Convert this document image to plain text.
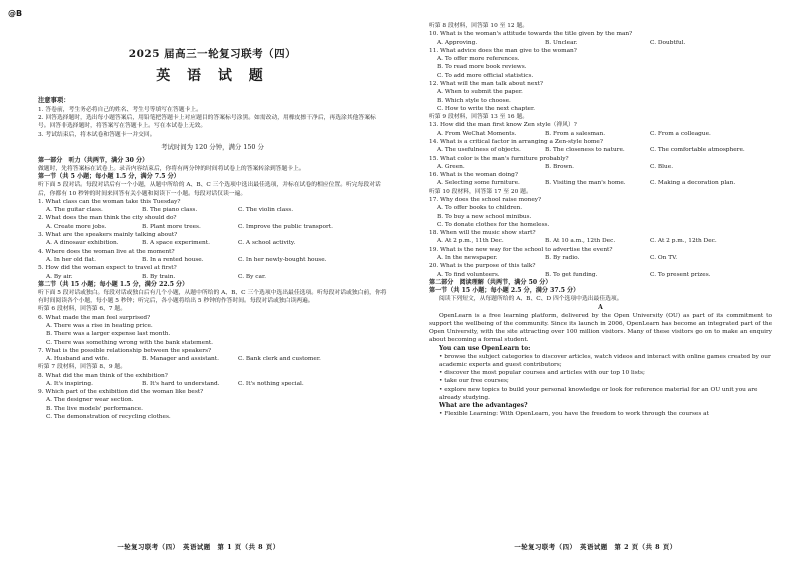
@B
2025 届高三一轮复习联考（四）
英 语 试 题
注意事项：

1. 答卷前，考生务必将自己的姓名、考生号等填写在答题卡上。

2. 回答选择题时，选出每小题答案后，用铅笔把答题卡上对应题目的答案标号涂黑。如需改动，用橡皮擦干净后，再选涂其他答案标号。回答非选择题时，将答案写在答题卡上。写在本试卷上无效。

3. 考试结束后，将本试卷和答题卡一并交回。

考试时间为 120 分钟，满分 150 分

第一部分　听力（共两节，满分 30 分）

做题时，先将答案标在试卷上。录音内容结束后，你将有两分钟的时间将试卷上的答案转涂到答题卡上。

第一节（共 5 小题；每小题 1.5 分，满分 7.5 分）

听下面 5 段对话。每段对话后有一个小题，从题中所给的 A、B、C 三个选项中选出最佳选项，并标在试卷的相应位置。听完每段对话后，你都有 10 秒钟的时间来回答有关小题和阅读下一小题。每段对话仅读一遍。

1. What class can the woman take this Tuesday?

A. The guitar class.	B. The piano class.	C. The violin class.

2. What does the man think the city should do?

A. Create more jobs.	B. Plant more trees.	C. Improve the public transport.

3. What are the speakers mainly talking about?

A. A dinosaur exhibition.	B. A space experiment.	C. A school activity.

4. Where does the woman live at the moment?

A. In her old flat.	B. In a rented house.	C. In her newly-bought house.

5. How did the woman expect to travel at first?

A. By air.	B. By train.	C. By car.

第二节（共 15 小题；每小题 1.5 分，满分 22.5 分）

听下面 5 段对话或独白。每段对话或独白后有几个小题，从题中所给的 A、B、C 三个选项中选出最佳选项。听每段对话或独白前，你将有时间阅读各个小题，每小题 5 秒钟；听完后，各小题将给出 5 秒钟的作答时间。每段对话或独白读两遍。

听第 6 段材料，回答第 6、7 题。

6. What made the man feel surprised?

A. There was a rise in heating price.

B. There was a larger expense last month.

C. There was something wrong with the bank statement.

7. What is the possible relationship between the speakers?

A. Husband and wife.	B. Manager and assistant.	C. Bank clerk and customer.

听第 7 段材料，回答第 8、9 题。

8. What did the man think of the exhibition?

A. It's inspiring.	B. It's hard to understand.	C. It's nothing special.

9. Which part of the exhibition did the woman like best?

A. The designer wear section.

B. The live models' performance.

C. The demonstration of recycling clothes.

一轮复习联考（四）　英语试题　第 1 页（共 8 页）

听第 8 段材料，回答第 10 至 12 题。

10. What is the woman's attitude towards the title given by the man?

A. Approving.	B. Unclear.	C. Doubtful.

11. What advice does the man give to the woman?

A. To offer more references.

B. To read more book reviews.

C. To add more official statistics.

12. What will the man talk about next?

A. When to submit the paper.

B. Which style to choose.

C. How to write the next chapter.

听第 9 段材料，回答第 13 至 16 题。

13. How did the man first know Zen style（禅风）?

A. From WeChat Moments.	B. From a salesman.	C. From a colleague.

14. What is a critical factor in arranging a Zen-style home?

A. The usefulness of objects.	B. The closeness to nature.	C. The comfortable atmosphere.

15. What color is the man's furniture probably?

A. Green.	B. Brown.	C. Blue.

16. What is the woman doing?

A. Selecting some furniture.	B. Visiting the man's home.	C. Making a decoration plan.

听第 10 段材料，回答第 17 至 20 题。

17. Why does the school raise money?

A. To offer books to children.

B. To buy a new school minibus.

C. To donate clothes for the homeless.

18. When will the music show start?

A. At 2 p.m., 11th Dec.	B. At 10 a.m., 12th Dec.	C. At 2 p.m., 12th Dec.

19. What is the new way for the school to advertise the event?

A. In the newspaper.	B. By radio.	C. On TV.

20. What is the purpose of this talk?

A. To find volunteers.	B. To get funding.	C. To present prizes.

第二部分　阅读理解（共两节，满分 50 分）

第一节（共 15 小题；每小题 2.5 分，满分 37.5 分）

阅读下列短文，从每题所给的 A、B、C、D 四个选项中选出最佳选项。

A

OpenLearn is a free learning platform, delivered by the Open University (OU) as part of its commitment to support the wellbeing of the community. Since its launch in 2006, OpenLearn has become an integrated part of the Open University, with the site attracting over 100 million visitors. Many of these visitors go on to make an enquiry about becoming a formal student.

You can use OpenLearn to:

• browse the subject categories to discover articles, watch videos and interact with online games created by our academic experts and guest contributors;

• discover the most popular courses and articles with our top 10 lists;

• take our free courses;

• explore new topics to build your personal knowledge or look for reference material for an OU unit you are already studying.

What are the advantages?

• Flexible Learning: With OpenLearn, you have the freedom to work through the courses at

一轮复习联考（四）　英语试题　第 2 页（共 8 页）
